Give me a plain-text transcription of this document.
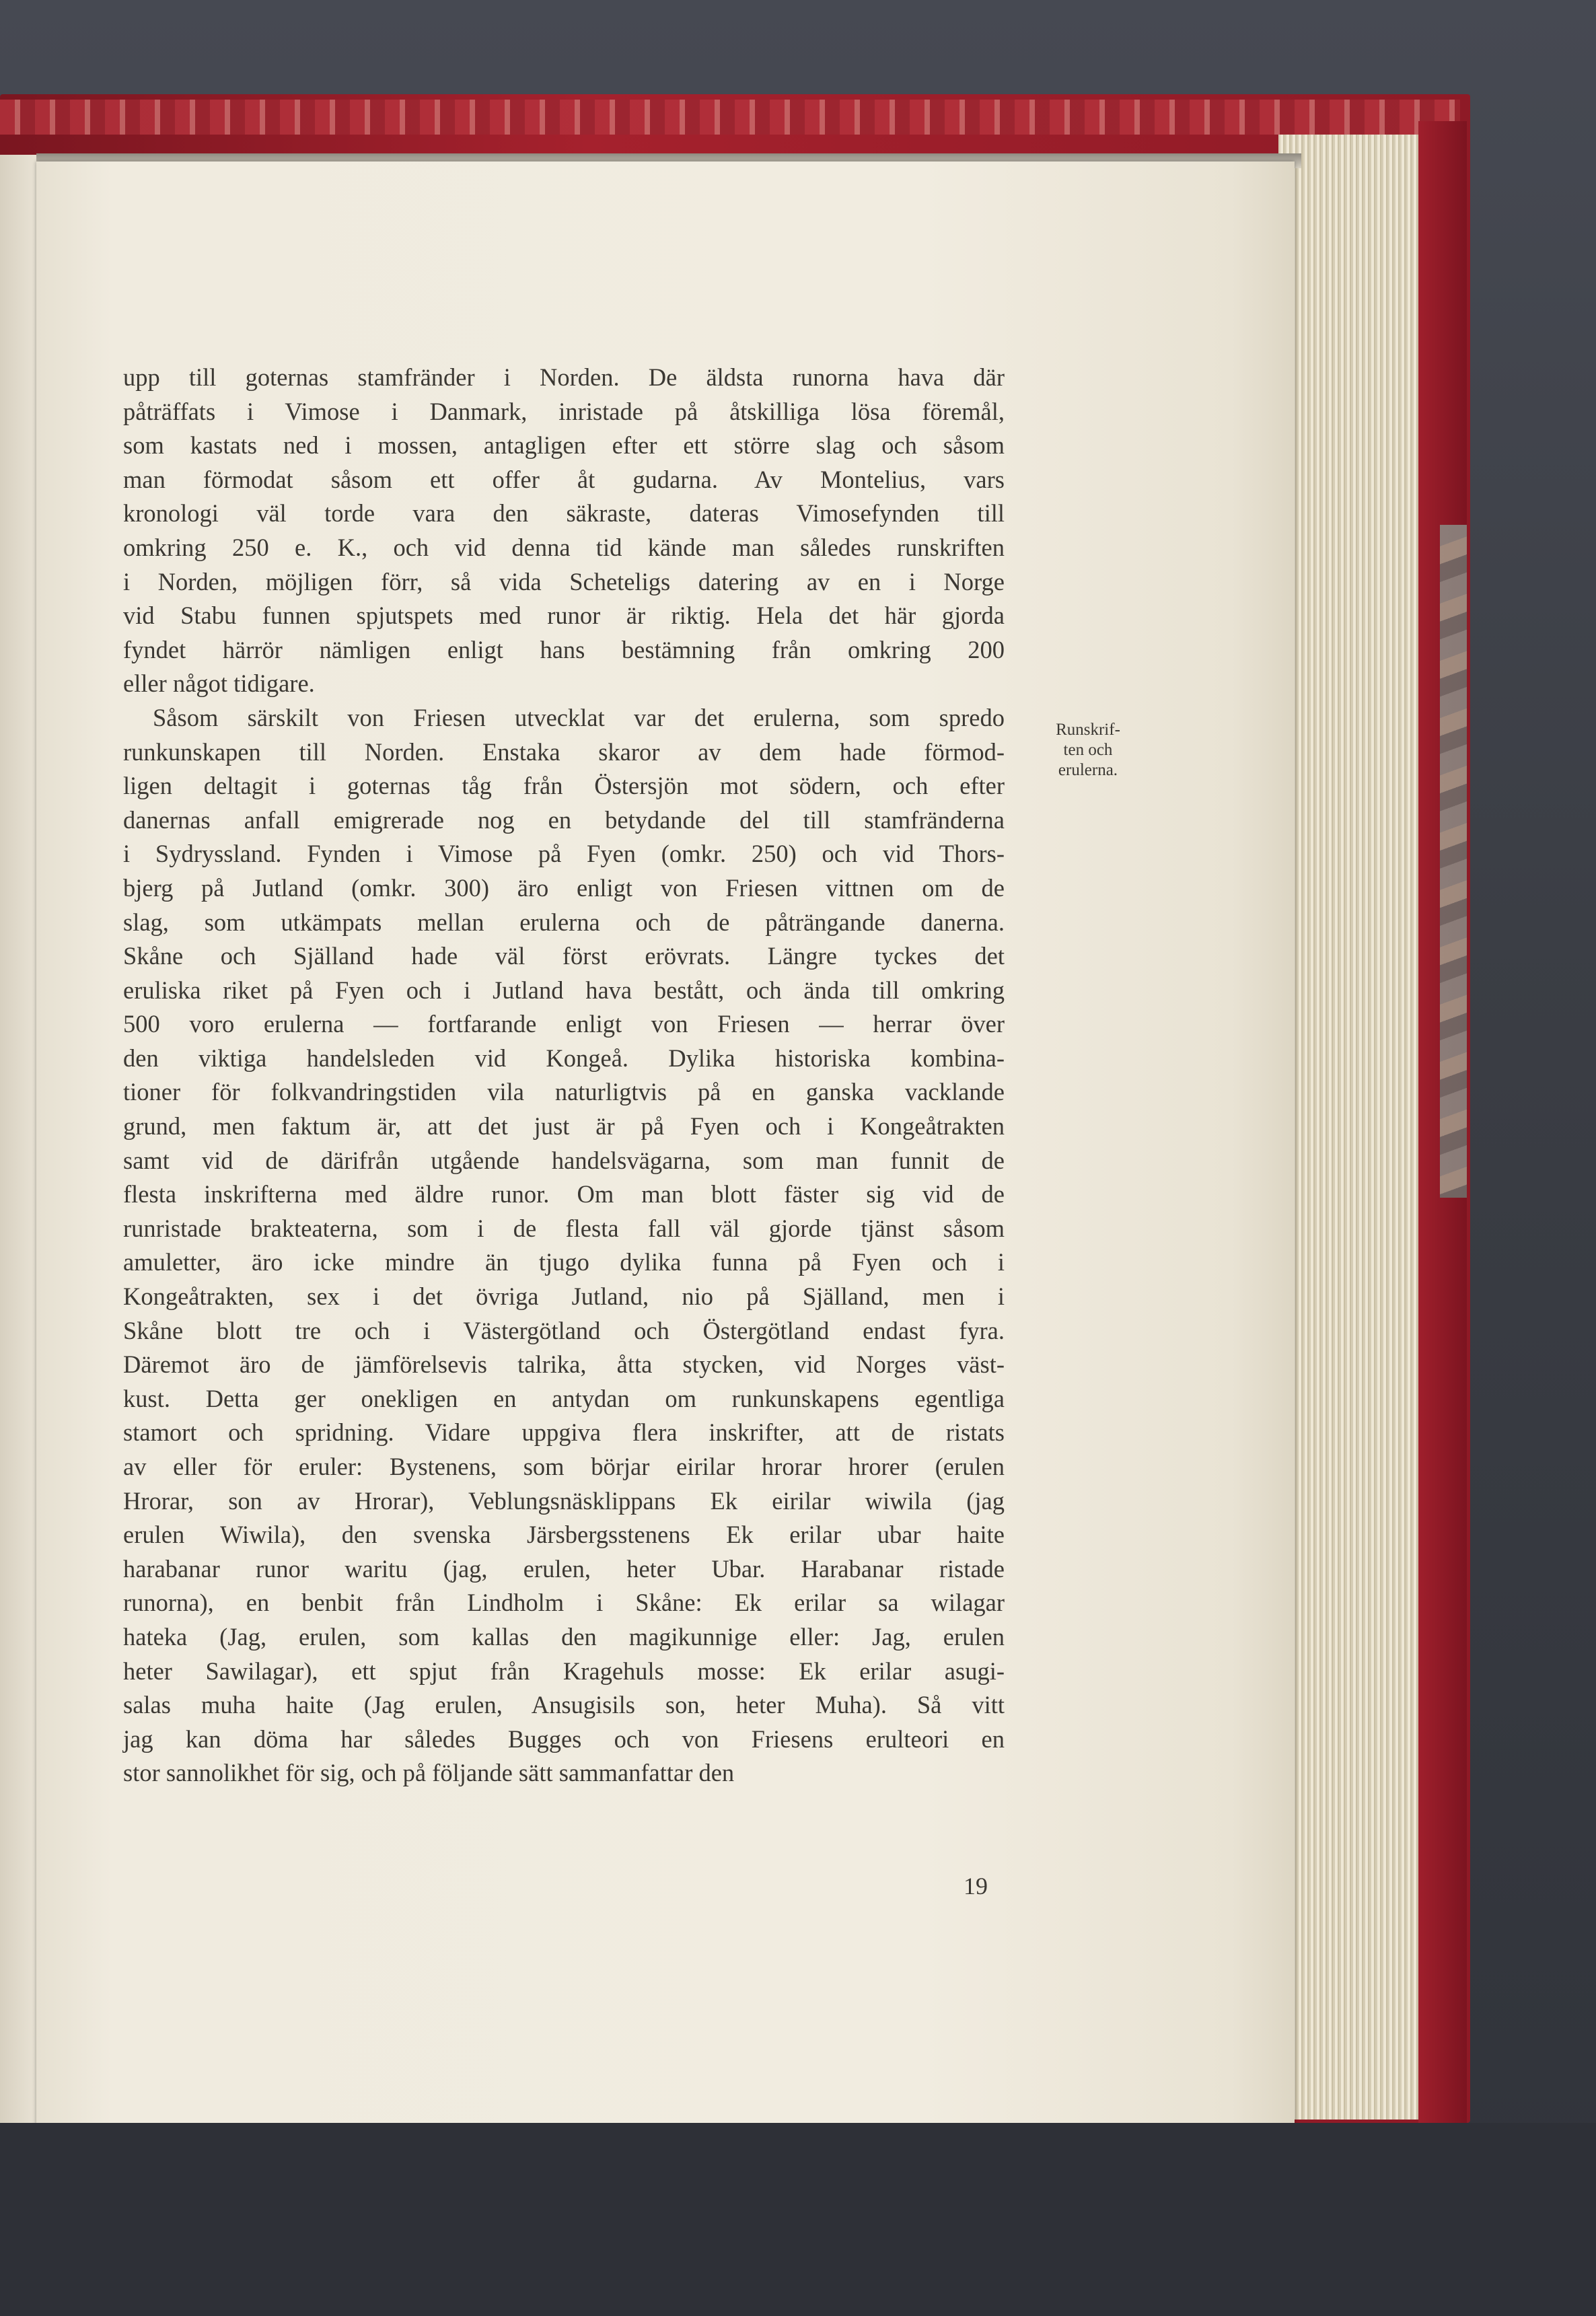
upp till goternas stamfränder i Norden. De äldsta runorna hava där
påträffats i Vimose i Danmark, inristade på åtskilliga lösa föremål,
som kastats ned i mossen, antagligen efter ett större slag och såsom
man förmodat såsom ett offer åt gudarna. Av Montelius, vars
kronologi väl torde vara den säkraste, dateras Vimosefynden till
omkring 250 e. K., och vid denna tid kände man således runskriften
i Norden, möjligen förr, så vida Scheteligs datering av en i Norge
vid Stabu funnen spjutspets med runor är riktig. Hela det här gjorda
fyndet härrör nämligen enligt hans bestämning från omkring 200
eller något tidigare.
Såsom särskilt von Friesen utvecklat var det erulerna, som spredo
runkunskapen till Norden. Enstaka skaror av dem hade förmod-
ligen deltagit i goternas tåg från Östersjön mot södern, och efter
danernas anfall emigrerade nog en betydande del till stamfränderna
i Sydryssland. Fynden i Vimose på Fyen (omkr. 250) och vid Thors-
bjerg på Jutland (omkr. 300) äro enligt von Friesen vittnen om de
slag, som utkämpats mellan erulerna och de påträngande danerna.
Skåne och Själland hade väl först erövrats. Längre tyckes det
eruliska riket på Fyen och i Jutland hava bestått, och ända till omkring
500 voro erulerna — fortfarande enligt von Friesen — herrar över
den viktiga handelsleden vid Kongeå. Dylika historiska kombina-
tioner för folkvandringstiden vila naturligtvis på en ganska vacklande
grund, men faktum är, att det just är på Fyen och i Kongeåtrakten
samt vid de därifrån utgående handelsvägarna, som man funnit de
flesta inskrifterna med äldre runor. Om man blott fäster sig vid de
runristade brakteaterna, som i de flesta fall väl gjorde tjänst såsom
amuletter, äro icke mindre än tjugo dylika funna på Fyen och i
Kongeåtrakten, sex i det övriga Jutland, nio på Själland, men i
Skåne blott tre och i Västergötland och Östergötland endast fyra.
Däremot äro de jämförelsevis talrika, åtta stycken, vid Norges väst-
kust. Detta ger onekligen en antydan om runkunskapens egentliga
stamort och spridning. Vidare uppgiva flera inskrifter, att de ristats
av eller för eruler: Bystenens, som börjar eirilar hrorar hrorer (erulen
Hrorar, son av Hrorar), Veblungsnäsklippans Ek eirilar wiwila (jag
erulen Wiwila), den svenska Järsbergsstenens Ek erilar ubar haite
harabanar runor waritu (jag, erulen, heter Ubar. Harabanar ristade
runorna), en benbit från Lindholm i Skåne: Ek erilar sa wilagar
hateka (Jag, erulen, som kallas den magikunnige eller: Jag, erulen
heter Sawilagar), ett spjut från Kragehuls mosse: Ek erilar asugi-
salas muha haite (Jag erulen, Ansugisils son, heter Muha). Så vitt
jag kan döma har således Bugges och von Friesens erulteori en
stor sannolikhet för sig, och på följande sätt sammanfattar den
Runskrif-
ten och
erulerna.
19
